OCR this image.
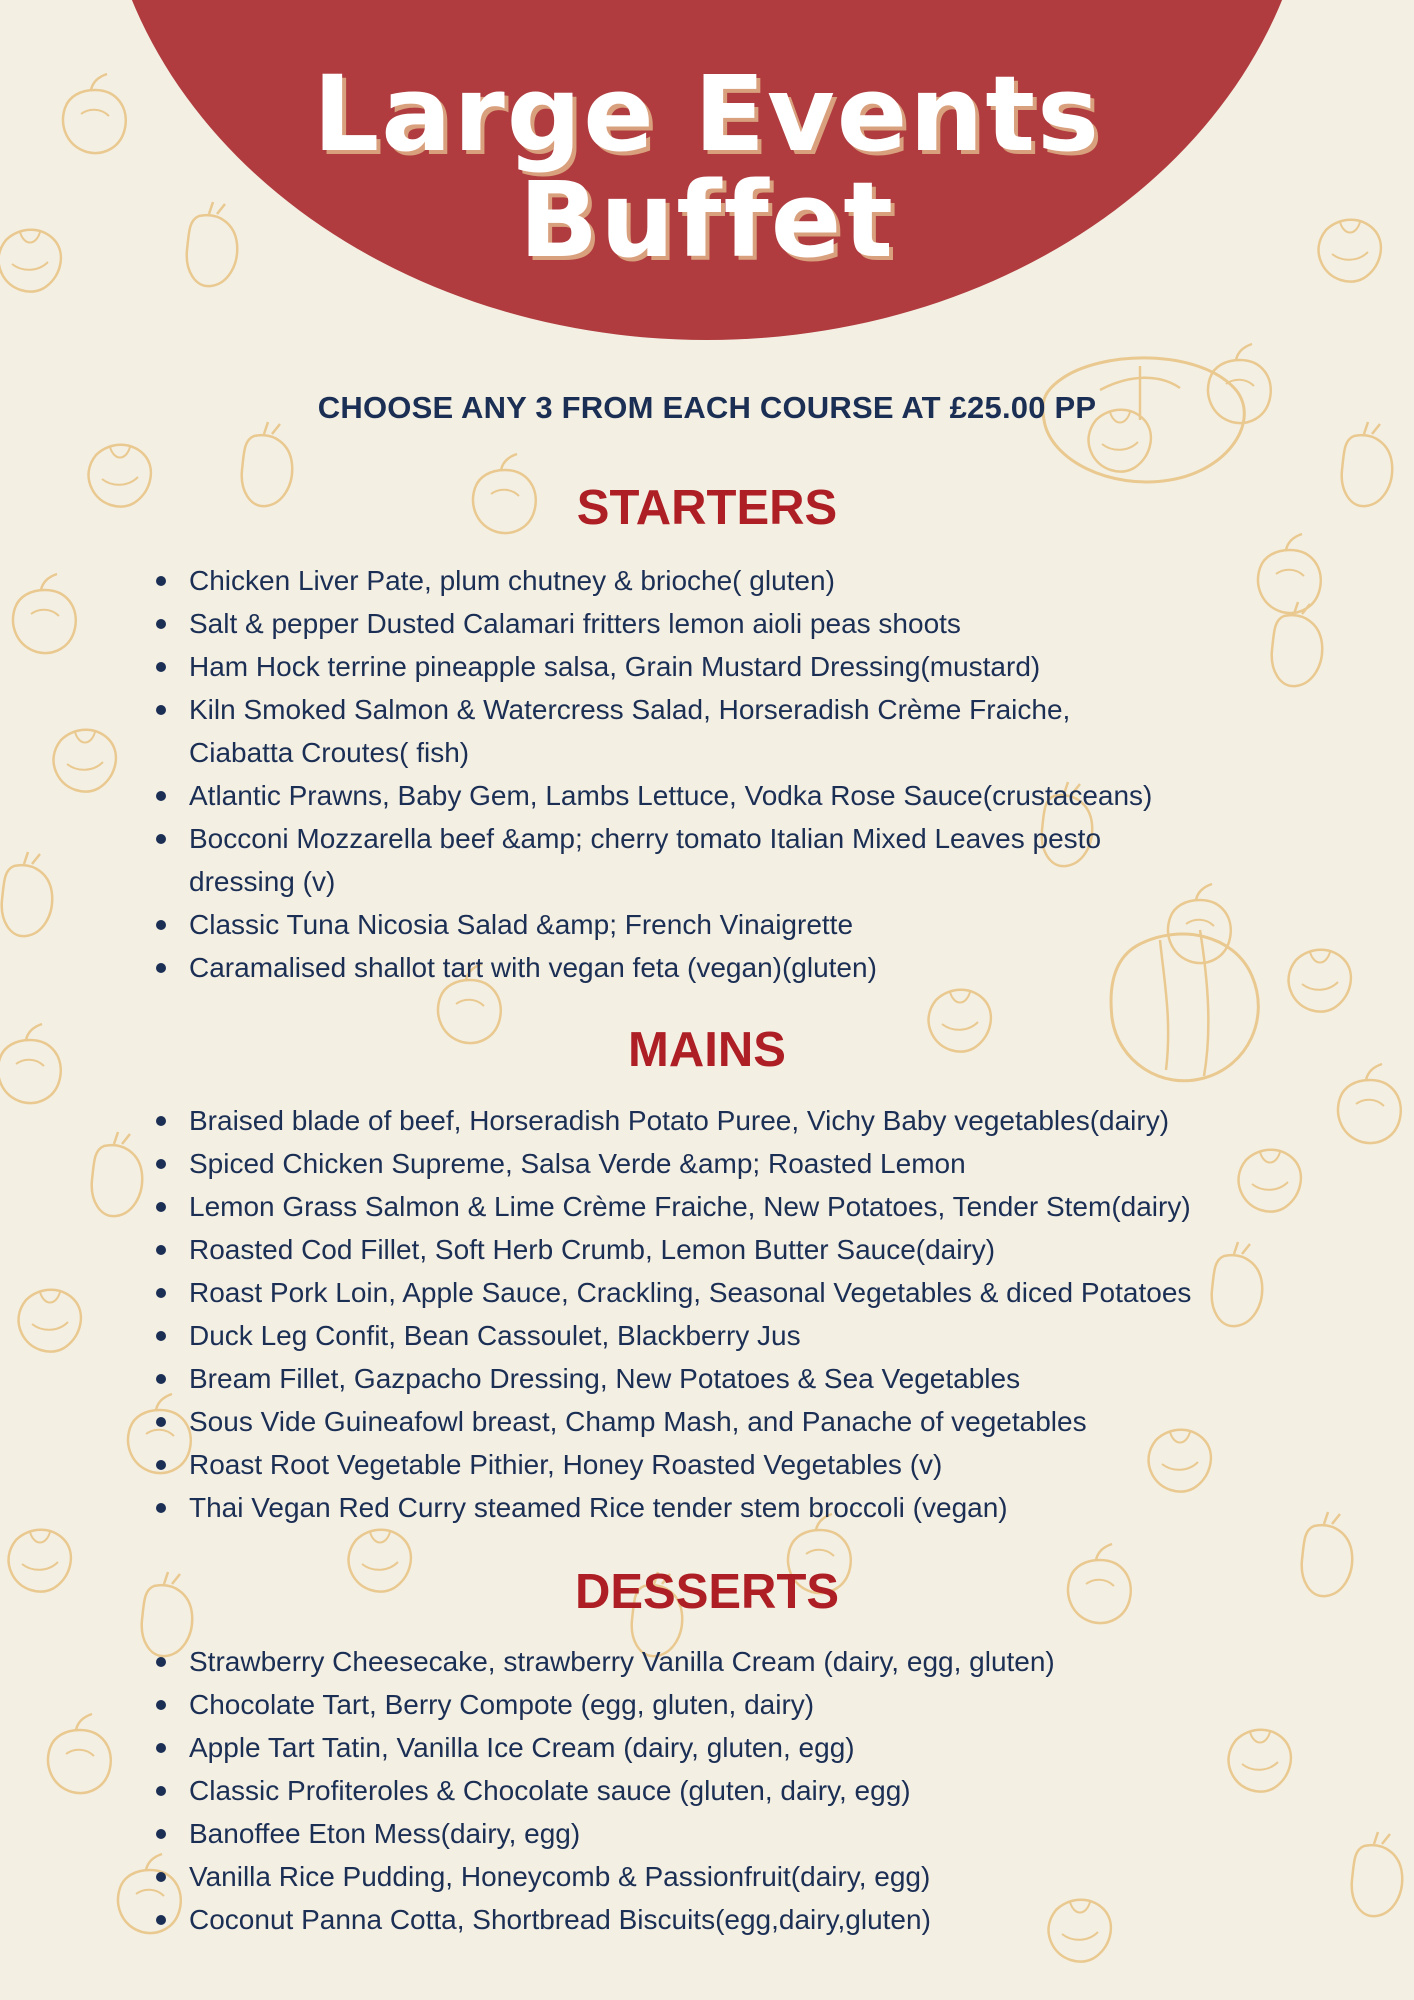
Large Events
Buffet
CHOOSE ANY 3 FROM EACH COURSE AT £25.00 PP
STARTERS
Chicken Liver Pate, plum chutney & brioche( gluten)
Salt & pepper Dusted Calamari fritters lemon aioli peas shoots
Ham Hock terrine pineapple salsa, Grain Mustard Dressing(mustard)
Kiln Smoked Salmon & Watercress Salad, Horseradish Crème Fraiche, Ciabatta Croutes( fish)
Atlantic Prawns, Baby Gem, Lambs Lettuce, Vodka Rose Sauce(crustaceans)
Bocconi Mozzarella beef &amp; cherry tomato Italian Mixed Leaves pesto dressing (v)
Classic Tuna Nicosia Salad &amp; French Vinaigrette
Caramalised shallot tart with vegan feta (vegan)(gluten)
MAINS
Braised blade of beef, Horseradish Potato Puree, Vichy Baby vegetables(dairy)
Spiced Chicken Supreme, Salsa Verde &amp; Roasted Lemon
Lemon Grass Salmon & Lime Crème Fraiche, New Potatoes, Tender Stem(dairy)
Roasted Cod Fillet, Soft Herb Crumb, Lemon Butter Sauce(dairy)
Roast Pork Loin, Apple Sauce, Crackling, Seasonal Vegetables & diced Potatoes
Duck Leg Confit, Bean Cassoulet, Blackberry Jus
Bream Fillet, Gazpacho Dressing, New Potatoes & Sea Vegetables
Sous Vide Guineafowl breast, Champ Mash, and Panache of vegetables
Roast Root Vegetable Pithier, Honey Roasted Vegetables (v)
Thai Vegan Red Curry steamed Rice tender stem broccoli (vegan)
DESSERTS
Strawberry Cheesecake, strawberry Vanilla Cream (dairy, egg, gluten)
Chocolate Tart, Berry Compote (egg, gluten, dairy)
Apple Tart Tatin, Vanilla Ice Cream (dairy, gluten, egg)
Classic Profiteroles & Chocolate sauce (gluten, dairy, egg)
Banoffee Eton Mess(dairy, egg)
Vanilla Rice Pudding, Honeycomb & Passionfruit(dairy, egg)
Coconut Panna Cotta, Shortbread Biscuits(egg,dairy,gluten)
